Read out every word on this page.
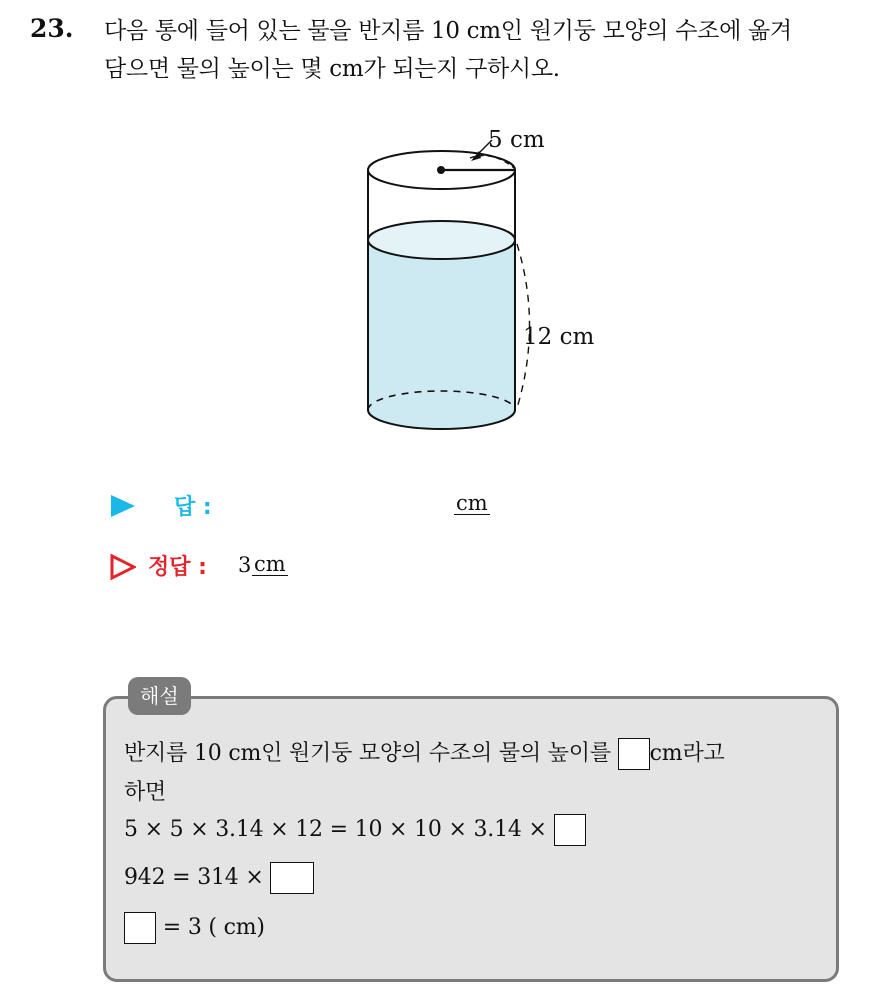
23. 다음 통에 들어 있는 물을 반지름 10 cm인 원기둥 모양의 수조에 옮겨
담으면 물의 높이는 몇 cm가 되는지 구하시오.
5 cm
12 cm
답 :	cm
정답 : 3 cm
해설
반지름 10 cm인 원기둥 모양의 수조의 물의 높이를 cm라고
하면
5 × 5 × 3.14 × 12 = 10 × 10 × 3.14 ×
942 = 314 ×
= 3 ( cm)
